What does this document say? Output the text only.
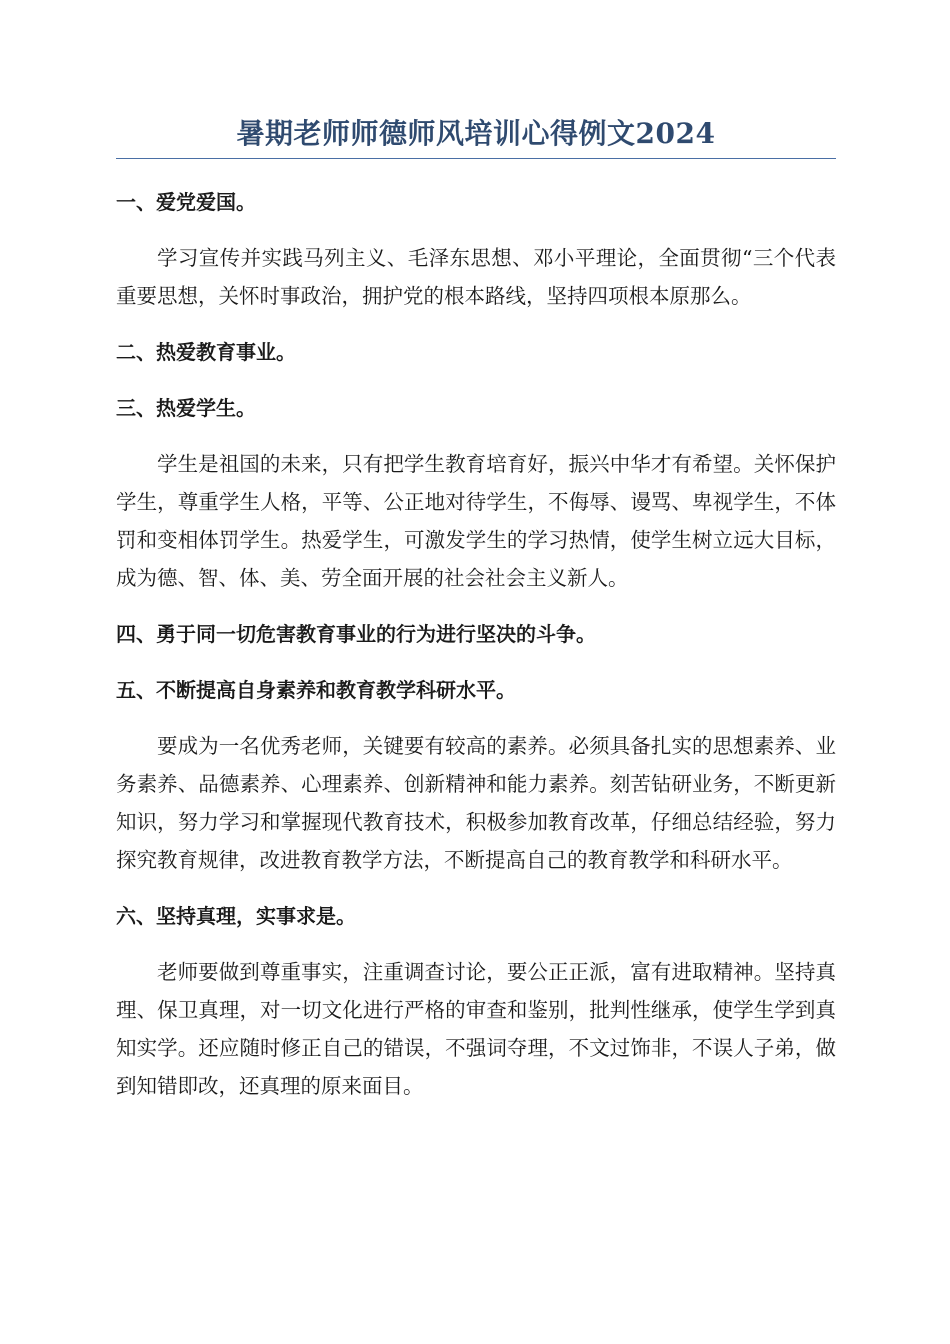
暑期老师师德师风培训心得例文2024
一、爱党爱国。

学习宣传并实践马列主义、毛泽东思想、邓小平理论，全面贯彻“三个代表重要思想，关怀时事政治，拥护党的根本路线，坚持四项根本原那么。

二、热爱教育事业。
三、热爱学生。

学生是祖国的未来，只有把学生教育培育好，振兴中华才有希望。关怀保护学生，尊重学生人格，平等、公正地对待学生，不侮辱、谩骂、卑视学生，不体罚和变相体罚学生。热爱学生，可激发学生的学习热情，使学生树立远大目标，成为德、智、体、美、劳全面开展的社会社会主义新人。

四、勇于同一切危害教育事业的行为进行坚决的斗争。
五、不断提高自身素养和教育教学科研水平。

要成为一名优秀老师，关键要有较高的素养。必须具备扎实的思想素养、业务素养、品德素养、心理素养、创新精神和能力素养。刻苦钻研业务，不断更新知识，努力学习和掌握现代教育技术，积极参加教育改革，仔细总结经验，努力探究教育规律，改进教育教学方法，不断提高自己的教育教学和科研水平。

六、坚持真理，实事求是。

老师要做到尊重事实，注重调查讨论，要公正正派，富有进取精神。坚持真理、保卫真理，对一切文化进行严格的审查和鉴别，批判性继承，使学生学到真知实学。还应随时修正自己的错误，不强词夺理，不文过饰非，不误人子弟，做到知错即改，还真理的原来面目。
